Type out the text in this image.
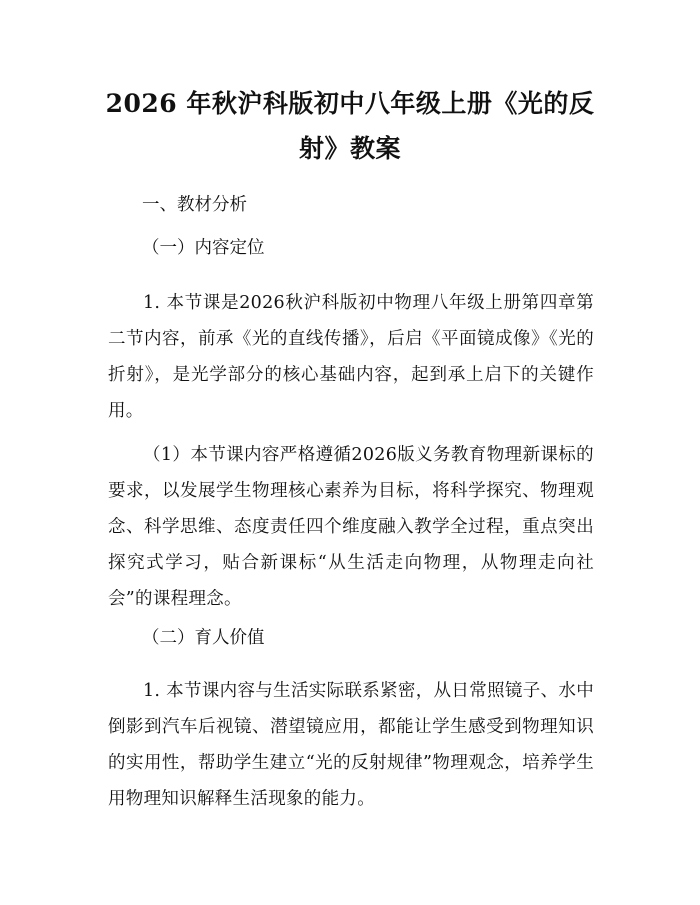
2026 年秋沪科版初中八年级上册《光的反
射》教案

一、教材分析

（一）内容定位

1. 本节课是2026秋沪科版初中物理八年级上册第四章第二节内容，前承《光的直线传播》，后启《平面镜成像》《光的折射》，是光学部分的核心基础内容，起到承上启下的关键作用。

（1）本节课内容严格遵循2026版义务教育物理新课标的要求，以发展学生物理核心素养为目标，将科学探究、物理观念、科学思维、态度责任四个维度融入教学全过程，重点突出探究式学习，贴合新课标“从生活走向物理，从物理走向社会”的课程理念。

（二）育人价值

1. 本节课内容与生活实际联系紧密，从日常照镜子、水中倒影到汽车后视镜、潜望镜应用，都能让学生感受到物理知识的实用性，帮助学生建立“光的反射规律”物理观念，培养学生用物理知识解释生活现象的能力。
